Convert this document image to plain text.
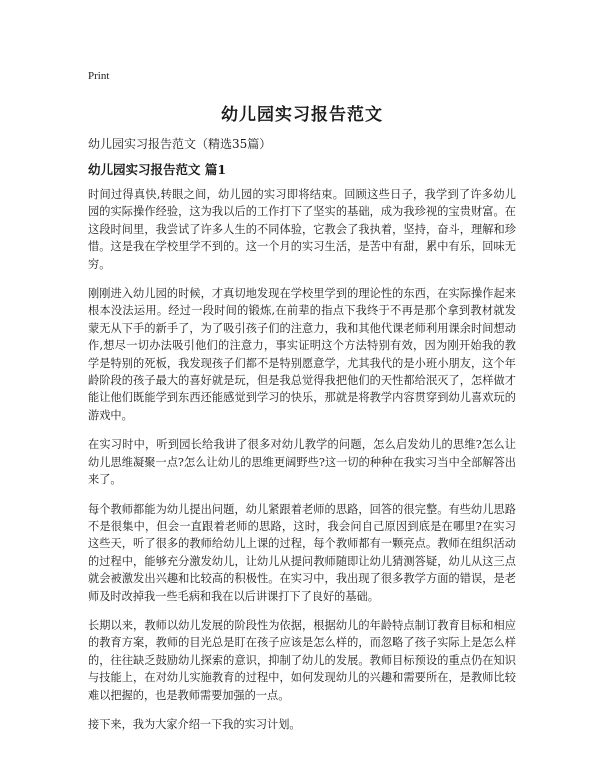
Print
幼儿园实习报告范文

幼儿园实习报告范文（精选35篇）

幼儿园实习报告范文 篇1

时间过得真快,转眼之间，幼儿园的实习即将结束。回顾这些日子，我学到了许多幼儿园的实际操作经验，这为我以后的工作打下了坚实的基础，成为我珍视的宝贵财富。在这段时间里，我尝试了许多人生的不同体验，它教会了我执着，坚持，奋斗，理解和珍惜。这是我在学校里学不到的。这一个月的实习生活，是苦中有甜，累中有乐，回味无穷。

刚刚进入幼儿园的时候，才真切地发现在学校里学到的理论性的东西，在实际操作起来根本没法运用。经过一段时间的锻炼,在前辈的指点下我终于不再是那个拿到教材就发蒙无从下手的新手了，为了吸引孩子们的注意力，我和其他代课老师利用课余时间想动作,想尽一切办法吸引他们的注意力，事实证明这个方法特别有效，因为刚开始我的教学是特别的死板，我发现孩子们都不是特别愿意学，尤其我代的是小班小朋友，这个年龄阶段的孩子最大的喜好就是玩，但是我总觉得我把他们的天性都给泯灭了，怎样做才能让他们既能学到东西还能感觉到学习的快乐，那就是将教学内容贯穿到幼儿喜欢玩的游戏中。

在实习时中，听到园长给我讲了很多对幼儿教学的问题，怎么启发幼儿的思维?怎么让幼儿思维凝聚一点?怎么让幼儿的思维更阔野些?这一切的种种在我实习当中全部解答出来了。

每个教师都能为幼儿提出问题，幼儿紧跟着老师的思路，回答的很完整。有些幼儿思路不是很集中，但会一直跟着老师的思路，这时，我会问自己原因到底是在哪里?在实习这些天，听了很多的教师给幼儿上课的过程，每个教师都有一颗亮点。教师在组织活动的过程中，能够充分激发幼儿，让幼儿从提问教师随即让幼儿猜测答疑，幼儿从这三点就会被激发出兴趣和比较高的积极性。在实习中，我出现了很多教学方面的错误，是老师及时改掉我一些毛病和我在以后讲课打下了良好的基础。

长期以来，教师以幼儿发展的阶段性为依据，根据幼儿的年龄特点制订教育目标和相应的教育方案，教师的目光总是盯在孩子应该是怎么样的，而忽略了孩子实际上是怎么样的，往往缺乏鼓励幼儿探索的意识，抑制了幼儿的发展。教师目标预设的重点仍在知识与技能上，在对幼儿实施教育的过程中，如何发现幼儿的兴趣和需要所在，是教师比较难以把握的，也是教师需要加强的一点。

接下来，我为大家介绍一下我的实习计划。
